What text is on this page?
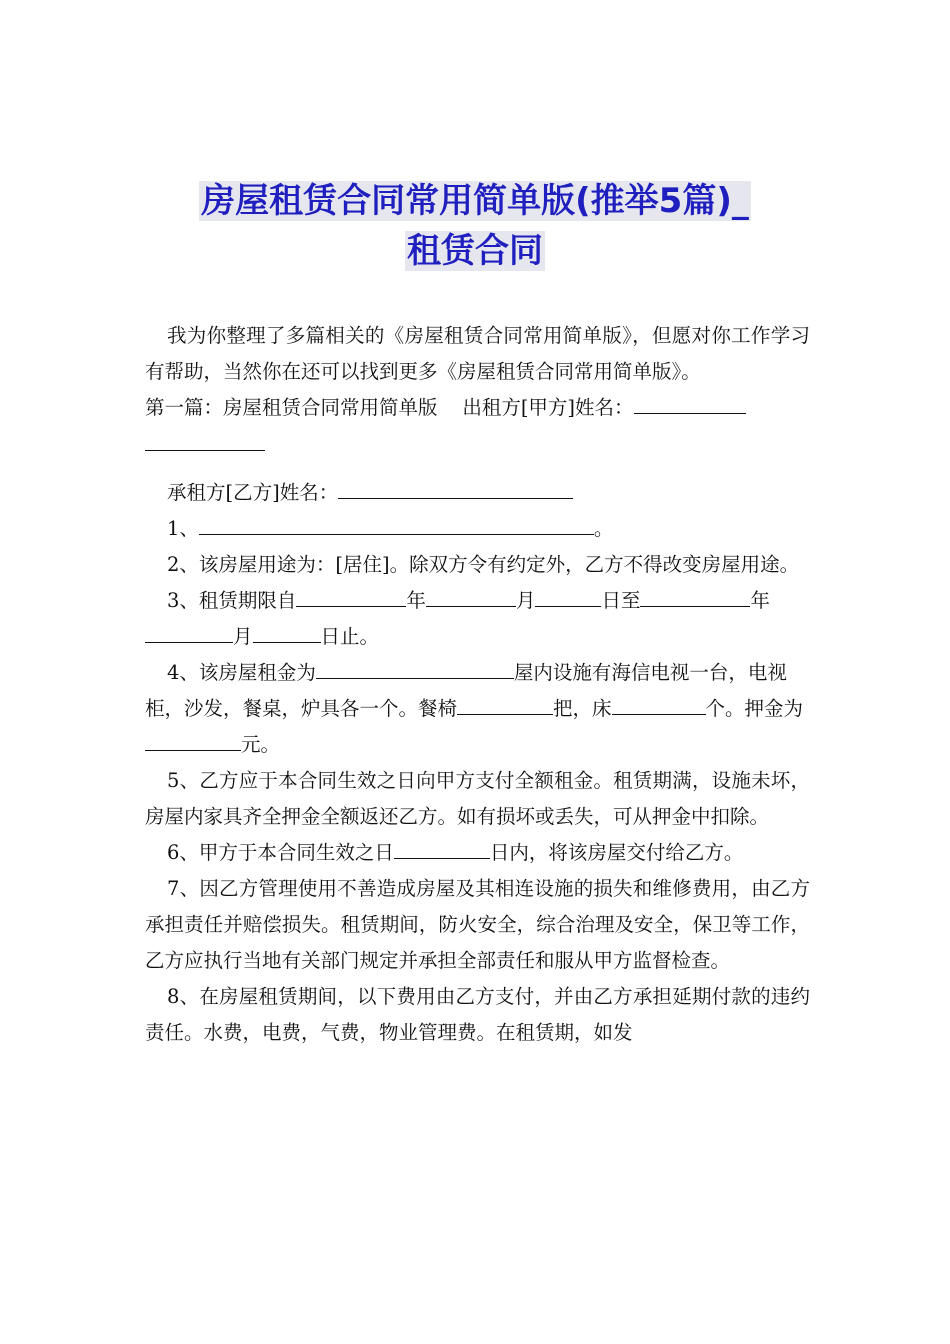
房屋租赁合同常用简单版(推举5篇)_
租赁合同

我为你整理了多篇相关的《房屋租赁合同常用简单版》，但愿对你工作学习有帮助，当然你在还可以找到更多《房屋租赁合同常用简单版》。

第一篇：房屋租赁合同常用简单版 出租方[甲方]姓名：

承租方[乙方]姓名：

1、	。

2、该房屋用途为：[居住]。除双方令有约定外，乙方不得改变房屋用途。

3、租赁期限自	年	月	日至	年
月	日止。

4、该房屋租金为	屋内设施有海信电视一台，电视柜，沙发，餐桌，炉具各一个。餐椅	把，床	个。押金为元。

5、乙方应于本合同生效之日向甲方支付全额租金。租赁期满，设施未坏，房屋内家具齐全押金全额返还乙方。如有损坏或丢失，可从押金中扣除。

6、甲方于本合同生效之日	日内，将该房屋交付给乙方。

7、因乙方管理使用不善造成房屋及其相连设施的损失和维修费用，由乙方承担责任并赔偿损失。租赁期间，防火安全，综合治理及安全，保卫等工作，乙方应执行当地有关部门规定并承担全部责任和服从甲方监督检查。

8、在房屋租赁期间，以下费用由乙方支付，并由乙方承担延期付款的违约责任。水费，电费，气费，物业管理费。在租赁期，如发
